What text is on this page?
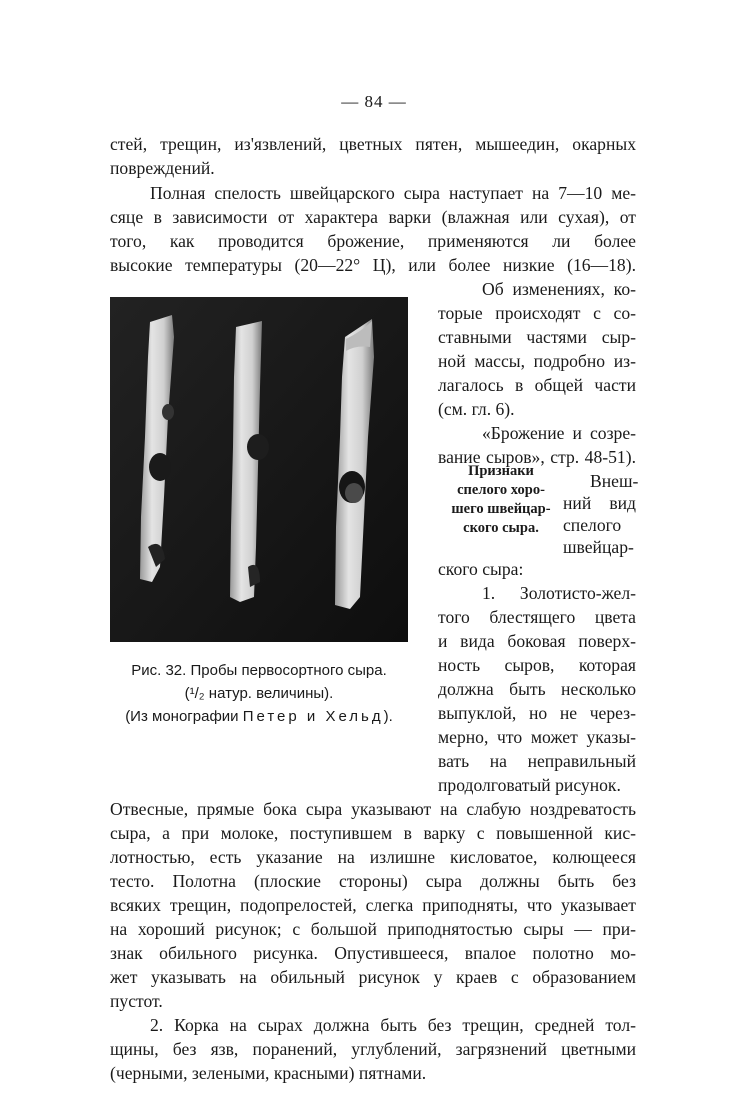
— 84 —
стей, трещин, из'язвлений, цветных пятен, мышеедин, окарных
повреждений.
Полная спелость швейцарского сыра наступает на 7—10 ме-
сяце в зависимости от характера варки (влажная или сухая), от
того, как проводится брожение, применяются ли более
высокие температуры (20—22° Ц), или более низкие (16—18).
Об изменениях, ко-
торые происходят с со-
ставными частями сыр-
ной массы, подробно из-
лагалось в общей части
(см. гл. 6).
«Брожение и созре-
вание сыров», стр. 48-51).
Внеш-
ний вид
спелого
швейцар-
ского сыра:
1. Золотисто-жел-
того блестящего цвета
и вида боковая поверх-
ность сыров, которая
должна быть несколько
выпуклой, но не через-
мерно, что может указы-
вать на неправильный
продолговатый рисунок.
Признаки
спелого хоро-
шего швейцар-
ского сыра.
Рис. 32. Пробы первосортного сыра.
(¹/₂ натур. величины).
(Из монографии Петер и Хельд).
Отвесные, прямые бока сыра указывают на слабую ноздреватость
сыра, а при молоке, поступившем в варку с повышенной кис-
лотностью, есть указание на излишне кисловатое, колющееся
тесто. Полотна (плоские стороны) сыра должны быть без
всяких трещин, подопрелостей, слегка приподняты, что указывает
на хороший рисунок; с большой приподнятостью сыры — при-
знак обильного рисунка. Опустившееся, впалое полотно мо-
жет указывать на обильный рисунок у краев с образованием
пустот.
2. Корка на сырах должна быть без трещин, средней тол-
щины, без язв, поранений, углублений, загрязнений цветными
(черными, зелеными, красными) пятнами.
